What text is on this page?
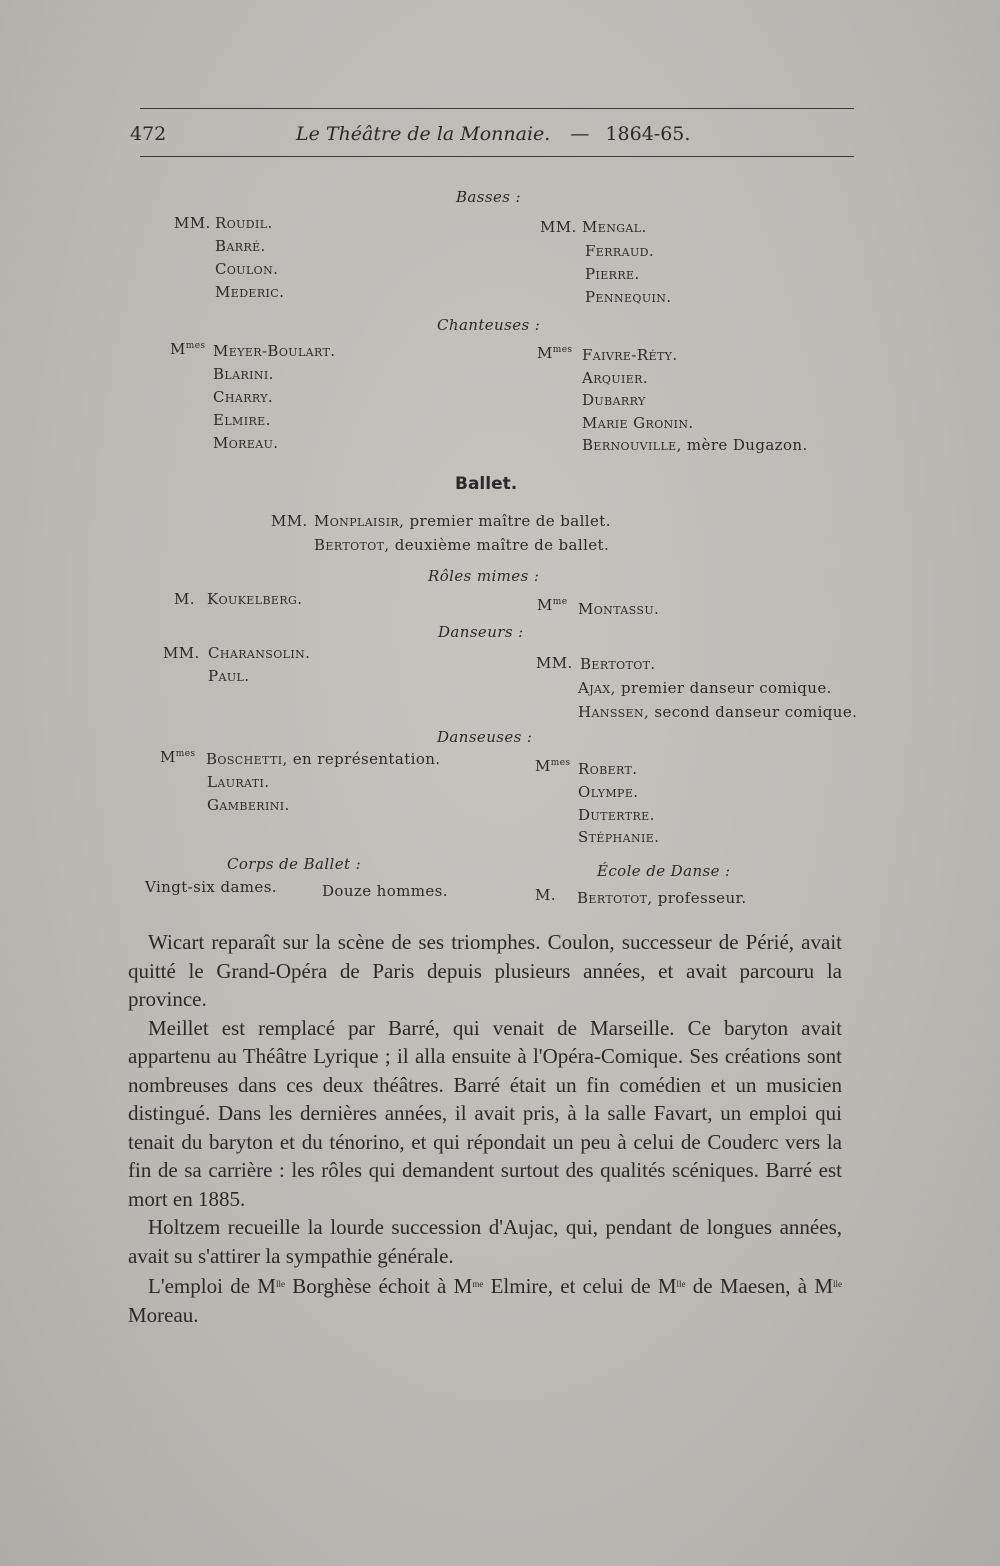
472	Le Théâtre de la Monnaie. — 1864-65.
Basses :
MM. Roudil.
Barré.
Coulon.
Mederic.
MM. Mengal.
Ferraud.
Pierre.
Pennequin.
Chanteuses :
$M^{mes}$ Meyer-Boulart.
Blarini.
Charry.
Elmire.
Moreau.
$M^{mes}$ Faivre-Réty.
Arquier.
Dubarry
Marie Gronin.
Bernouville, mère Dugazon.
Ballet.
MM. Monplaisir, premier maître de ballet.
Bertotot, deuxième maître de ballet.
Rôles mimes :
M. Koukelberg.	$M^{me}$ Montassu.
Danseurs :
MM. Charansolin.
Paul.
MM. Bertotot.
Ajax, premier danseur comique.
Hanssen, second danseur comique.
Danseuses :
$M^{mes}$ Boschetti, en représentation.
Laurati.
Gamberini.
$M^{mes}$ Robert.
Olympe.
Dutertre.
Stéphanie.
Corps de Ballet :
Vingt-six dames.	Douze hommes.
École de Danse :
M. Bertotot, professeur.

Wicart reparaît sur la scène de ses triomphes. Coulon, successeur de Périé, avait quitté le Grand-Opéra de Paris depuis plusieurs années, et avait parcouru la province.

Meillet est remplacé par Barré, qui venait de Marseille. Ce baryton avait appartenu au Théâtre Lyrique ; il alla ensuite à l'Opéra-Comique. Ses créations sont nombreuses dans ces deux théâtres. Barré était un fin comédien et un musicien distingué. Dans les dernières années, il avait pris, à la salle Favart, un emploi qui tenait du baryton et du ténorino, et qui répondait un peu à celui de Couderc vers la fin de sa carrière : les rôles qui demandent surtout des qualités scéniques. Barré est mort en 1885.

Holtzem recueille la lourde succession d'Aujac, qui, pendant de longues années, avait su s'attirer la sympathie générale.

L'emploi de $M^{lle}$ Borghèse échoit à $M^{me}$ Elmire, et celui de $M^{lle}$ de Maesen, à $M^{lle}$ Moreau.
